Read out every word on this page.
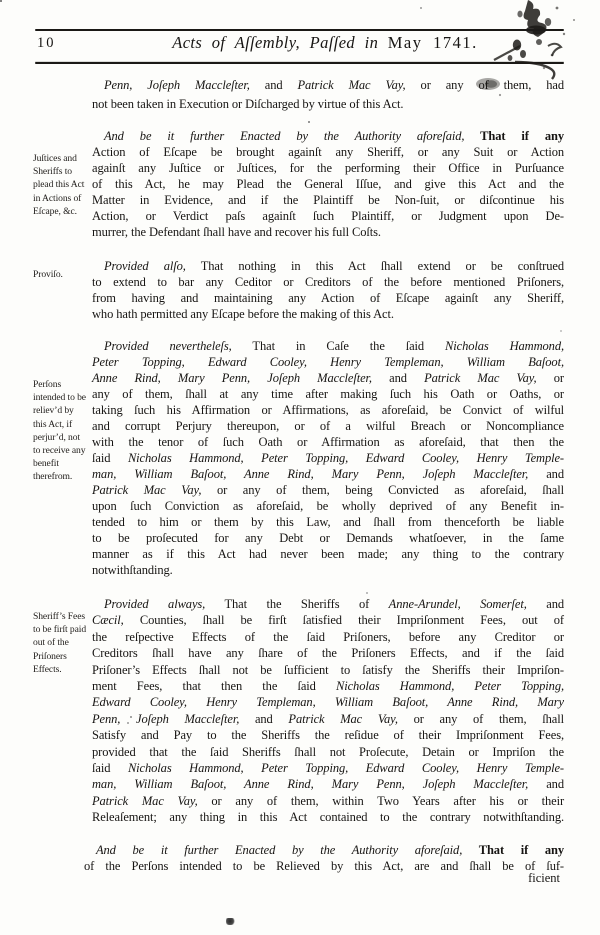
10	Acts of Aſſembly, Paſſed in May 1741.
Juſtices and Sheriffs to plead this Act in Actions of Eſcape, &c.
Proviſo.
Perſons intended to be reliev’d by this Act, if perjur’d, not to receive any benefit therefrom.
Sheriff’s Fees to be firſt paid out of the Priſoners Effects.
Penn, Joſeph Maccleſter, and Patrick Mac Vay, or any of them, had
not been taken in Execution or Diſcharged by virtue of this Act.
And be it further Enacted by the Authority aforeſaid, That if any
Action of Eſcape be brought againſt any Sheriff, or any Suit or Action
againſt any Juſtice or Juſtices, for the performing their Office in Purſuance
of this Act, he may Plead the General Iſſue, and give this Act and the
Matter in Evidence, and if the Plaintiff be Non-ſuit, or diſcontinue his
Action, or Verdict paſs againſt ſuch Plaintiff, or Judgment upon De-
murrer, the Defendant ſhall have and recover his full Coſts.
Provided alſo, That nothing in this Act ſhall extend or be conſtrued
to extend to bar any Ceditor or Creditors of the before mentioned Priſoners,
from having and maintaining any Action of Eſcape againſt any Sheriff,
who hath permitted any Eſcape before the making of this Act.
Provided nevertheleſs, That in Caſe the ſaid Nicholas Hammond,
Peter Topping, Edward Cooley, Henry Templeman, William Baſoot,
Anne Rind, Mary Penn, Joſeph Maccleſter, and Patrick Mac Vay, or
any of them, ſhall at any time after making ſuch his Oath or Oaths, or
taking ſuch his Affirmation or Affirmations, as aforeſaid, be Convict of wilful
and corrupt Perjury thereupon, or of a wilful Breach or Noncompliance
with the tenor of ſuch Oath or Affirmation as aforeſaid, that then the
ſaid Nicholas Hammond, Peter Topping, Edward Cooley, Henry Temple-
man, William Baſoot, Anne Rind, Mary Penn, Joſeph Maccleſter, and
Patrick Mac Vay, or any of them, being Convicted as aforeſaid, ſhall
upon ſuch Conviction as aforeſaid, be wholly deprived of any Benefit in-
tended to him or them by this Law, and ſhall from thenceforth be liable
to be proſecuted for any Debt or Demands whatſoever, in the ſame
manner as if this Act had never been made; any thing to the contrary
notwithſtanding.
Provided always, That the Sheriffs of Anne-Arundel, Somerſet, and
Cæcil, Counties, ſhall be firſt ſatisfied their Impriſonment Fees, out of
the reſpective Effects of the ſaid Priſoners, before any Creditor or
Creditors ſhall have any ſhare of the Priſoners Effects, and if the ſaid
Priſoner’s Effects ſhall not be ſufficient to ſatisfy the Sheriffs their Impriſon-
ment Fees, that then the ſaid Nicholas Hammond, Peter Topping,
Edward Cooley, Henry Templeman, William Baſoot, Anne Rind, Mary
Penn, Joſeph Maccleſter, and Patrick Mac Vay, or any of them, ſhall
Satisfy and Pay to the Sheriffs the reſidue of their Impriſonment Fees,
provided that the ſaid Sheriffs ſhall not Proſecute, Detain or Impriſon the
ſaid Nicholas Hammond, Peter Topping, Edward Cooley, Henry Temple-
man, William Baſoot, Anne Rind, Mary Penn, Joſeph Maccleſter, and
Patrick Mac Vay, or any of them, within Two Years after his or their
Releaſement; any thing in this Act contained to the contrary notwithſtanding.
And be it further Enacted by the Authority aforeſaid, That if any
of the Perſons intended to be Relieved by this Act, are and ſhall be of ſuf-
ficient
